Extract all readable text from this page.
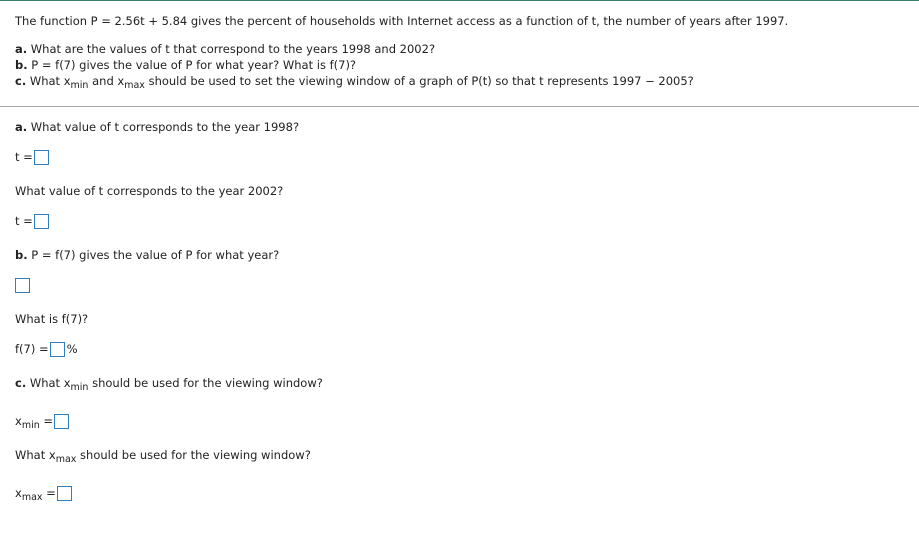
The function P = 2.56t + 5.84 gives the percent of households with Internet access as a function of t, the number of years after 1997.
a. What are the values of t that correspond to the years 1998 and 2002?
b. P = f(7) gives the value of P for what year? What is f(7)?
c. What $x_{min}$ and $x_{max}$ should be used to set the viewing window of a graph of P(t) so that t represents 1997 − 2005?
a. What value of t corresponds to the year 1998?
t =
What value of t corresponds to the year 2002?
t =
b. P = f(7) gives the value of P for what year?
What is f(7)?
f(7) = %
c. What $x_{min}$ should be used for the viewing window?
$x_{min}$ =
What $x_{max}$ should be used for the viewing window?
$x_{max}$ =
